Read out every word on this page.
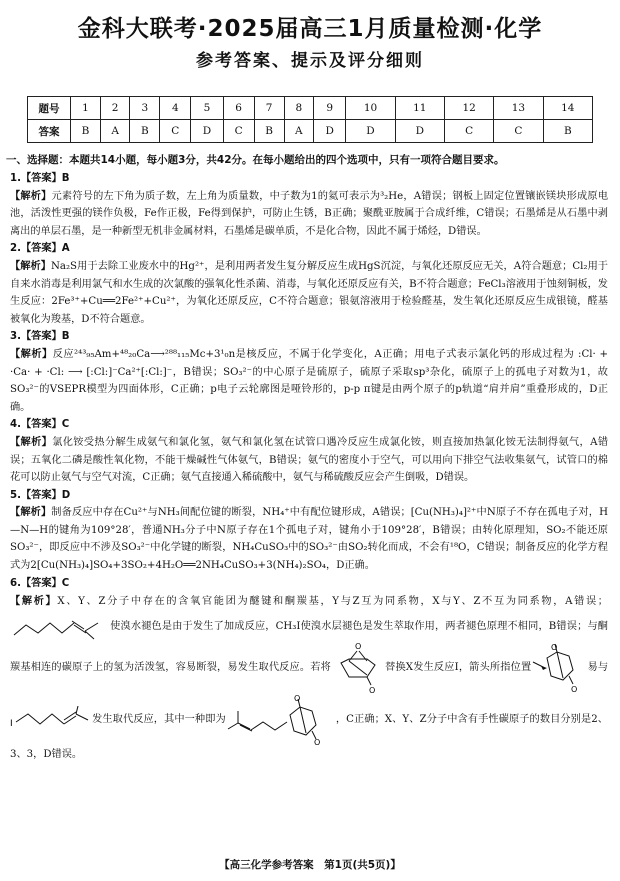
金科大联考·2025届高三1月质量检测·化学
参考答案、提示及评分细则
题号	1	2	3	4	5	6	7	8	9	10	11	12	13	14
答案	B	A	B	C	D	C	B	A	D	D	D	C	C	B
一、选择题：本题共14小题，每小题3分，共42分。在每小题给出的四个选项中，只有一项符合题目要求。
1.【答案】B

【解析】元素符号的左下角为质子数，左上角为质量数，中子数为1的氦可表示为³₂He，A错误；钢板上固定位置镶嵌镁块形成原电池，活泼性更强的镁作负极，Fe作正极，Fe得到保护，可防止生锈，B正确；聚酰亚胺属于合成纤维，C错误；石墨烯是从石墨中剥离出的单层石墨，是一种新型无机非金属材料，石墨烯是碳单质，不是化合物，因此不属于烯烃，D错误。

2.【答案】A

【解析】Na₂S用于去除工业废水中的Hg²⁺，是利用两者发生复分解反应生成HgS沉淀，与氧化还原反应无关，A符合题意；Cl₂用于自来水消毒是利用氯气和水生成的次氯酸的强氧化性杀菌、消毒，与氧化还原反应有关，B不符合题意；FeCl₃溶液用于蚀刻铜板，发生反应：2Fe³⁺+Cu══2Fe²⁺+Cu²⁺，为氧化还原反应，C不符合题意；银氨溶液用于检验醛基，发生氧化还原反应生成银镜，醛基被氧化为羧基，D不符合题意。

3.【答案】B

【解析】反应²⁴³₉₅Am+⁴⁸₂₀Ca⟶²⁸⁸₁₁₅Mc+3¹₀n是核反应，不属于化学变化，A正确；用电子式表示氯化钙的形成过程为 :Cl· + ·Ca· + ·Cl: ⟶ [:Cl:]⁻Ca²⁺[:Cl:]⁻，B错误；SO₃²⁻的中心原子是硫原子，硫原子采取sp³杂化，硫原子上的孤电子对数为1，故SO₃²⁻的VSEPR模型为四面体形，C正确；p电子云轮廓图是哑铃形的，p-p π键是由两个原子的p轨道“肩并肩”重叠形成的，D正确。

4.【答案】C

【解析】氯化铵受热分解生成氨气和氯化氢，氨气和氯化氢在试管口遇冷反应生成氯化铵，则直接加热氯化铵无法制得氨气，A错误；五氧化二磷是酸性氧化物，不能干燥碱性气体氨气，B错误；氨气的密度小于空气，可以用向下排空气法收集氨气，试管口的棉花可以防止氨气与空气对流，C正确；氨气直接通入稀硫酸中，氨气与稀硫酸反应会产生倒吸，D错误。

5.【答案】D

【解析】制备反应中存在Cu²⁺与NH₃间配位键的断裂，NH₄⁺中有配位键形成，A错误；[Cu(NH₃)₄]²⁺中N原子不存在孤电子对，H—N—H的键角为109°28′，普通NH₃分子中N原子存在1个孤电子对，键角小于109°28′，B错误；由转化原理知，SO₂不能还原SO₃²⁻，即反应中不涉及SO₃²⁻中化学键的断裂，NH₄CuSO₃中的SO₃²⁻由SO₂转化而成，不会有¹⁸O，C错误；制备反应的化学方程式为2[Cu(NH₃)₄]SO₄+3SO₂+4H₂O══2NH₄CuSO₃+3(NH₄)₂SO₄，D正确。

6.【答案】C

【解析】X、Y、Z分子中存在的含氧官能团为醚键和酮羰基，Y与Z互为同系物，X与Y、Z不互为同系物，A错误；使溴水褪色是由于发生了加成反应，CH₃I使溴水层褪色是发生萃取作用，两者褪色原理不相同，B错误；与酮羰基相连的碳原子上的氢为活泼氢，容易断裂，易发生取代反应。若将
O
O
替换X发生反应Ⅰ，箭头所指位置
O
O
易与
I	发生取代反应，其中一种即为
O
O
，C正确；X、Y、Z分子中含有手性碳原子的数目分别是2、3、3，D错误。

【高三化学参考答案　第1页(共5页)】
